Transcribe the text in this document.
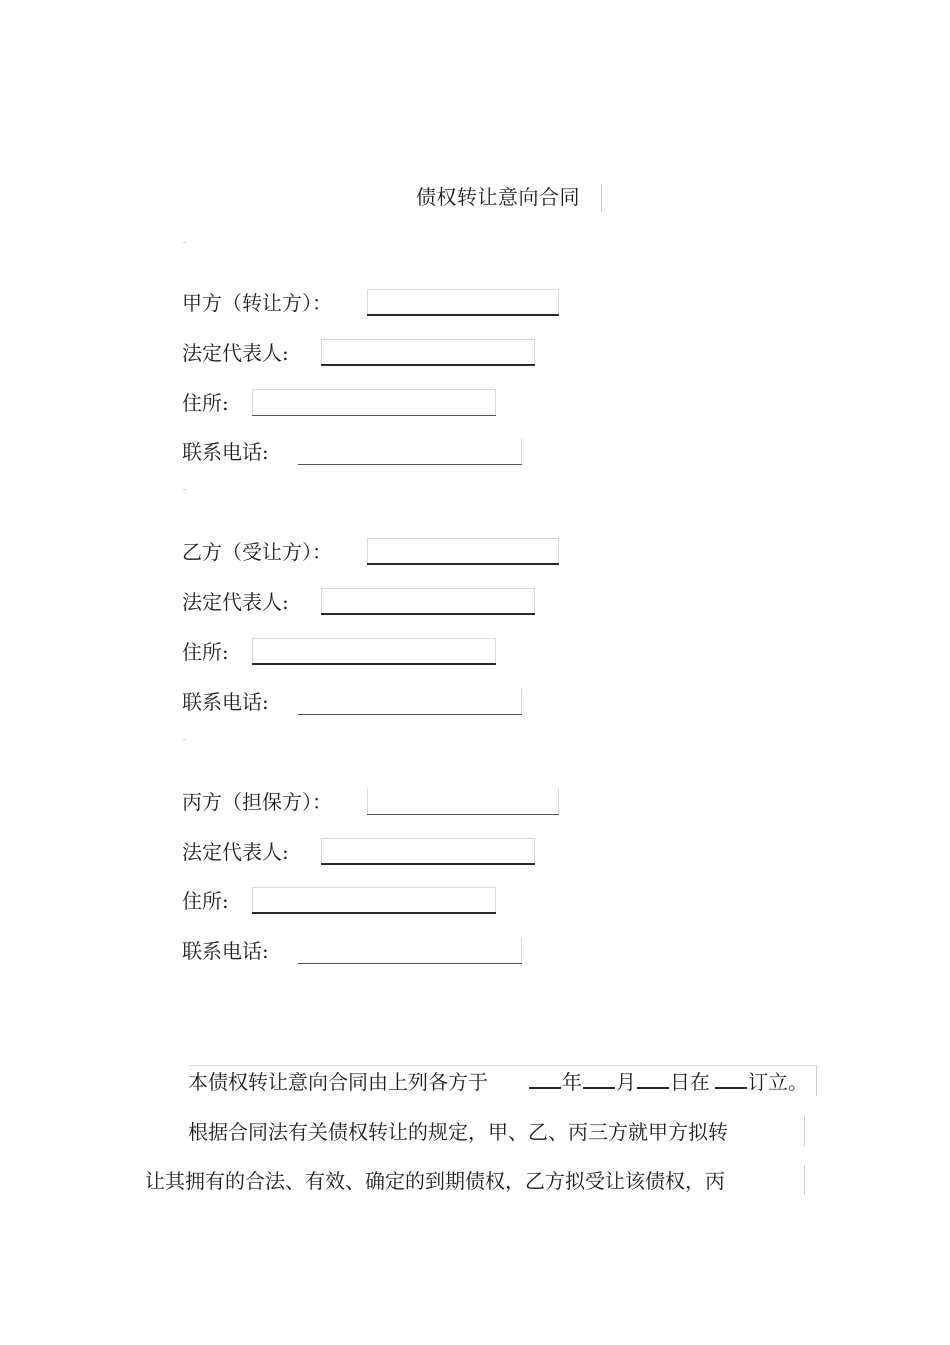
债权转让意向合同
甲方（转让方）：
法定代表人:
住所:
联系电话:
乙方（受让方）：
法定代表人:
住所:
联系电话:
丙方（担保方）：
法定代表人:
住所:
联系电话:
本债权转让意向合同由上列各方于	年 月 日在 订立。
根据合同法有关债权转让的规定，甲、乙、丙三方就甲方拟转
让其拥有的合法、有效、确定的到期债权，乙方拟受让该债权，丙
